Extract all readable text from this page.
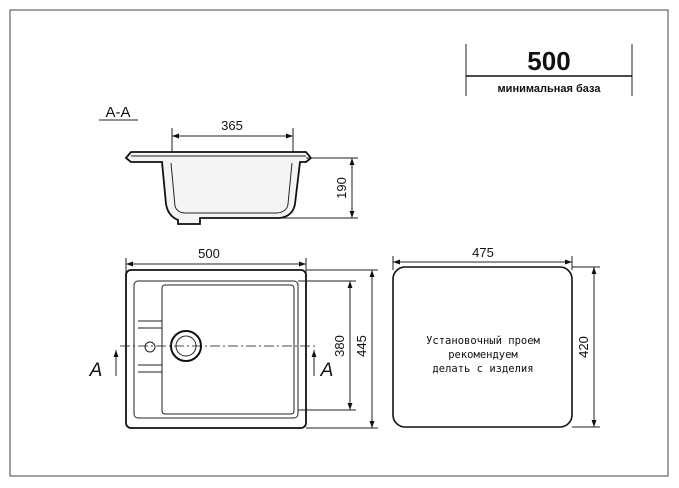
500
минимальная база
А-А
365
190
500
A	A
380 445
475
Установочный проем
рекомендуем
делать с изделия
420
